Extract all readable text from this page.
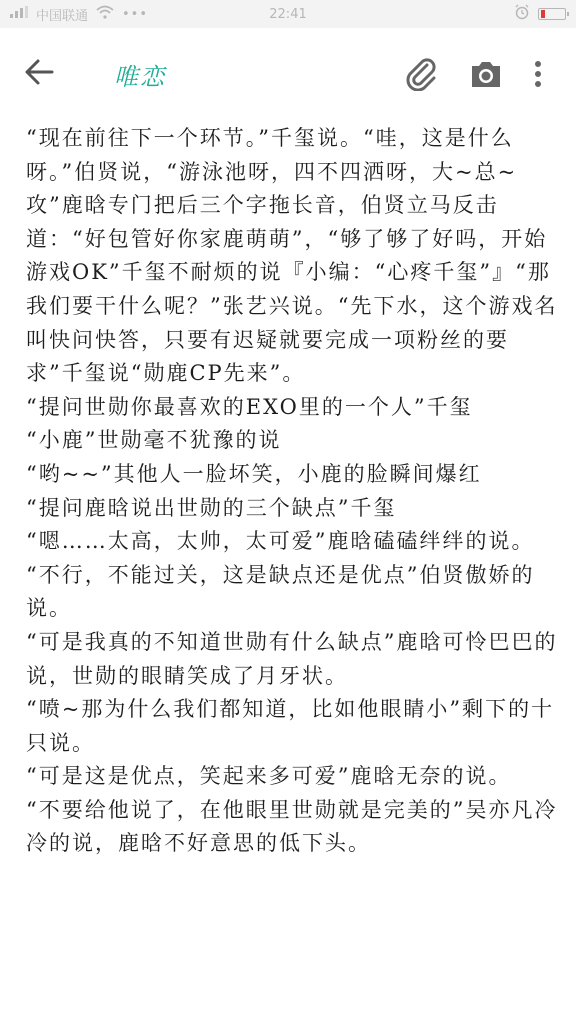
中国联通	•••	22:41
唯恋

“现在前往下一个环节。”千玺说。“哇，这是什么呀。”伯贤说，“游泳池呀，四不四洒呀，大~总~攻”鹿晗专门把后三个字拖长音，伯贤立马反击道：“好包管好你家鹿萌萌”，“够了够了好吗，开始游戏OK”千玺不耐烦的说『小编：“心疼千玺”』“那我们要干什么呢？”张艺兴说。“先下水，这个游戏名叫快问快答，只要有迟疑就要完成一项粉丝的要求”千玺说“勋鹿CP先来”。

“提问世勋你最喜欢的EXO里的一个人”千玺

“小鹿”世勋毫不犹豫的说

“哟~~”其他人一脸坏笑，小鹿的脸瞬间爆红

“提问鹿晗说出世勋的三个缺点”千玺

“嗯……太高，太帅，太可爱”鹿晗磕磕绊绊的说。

“不行，不能过关，这是缺点还是优点”伯贤傲娇的说。

“可是我真的不知道世勋有什么缺点”鹿晗可怜巴巴的说，世勋的眼睛笑成了月牙状。

“喷~那为什么我们都知道，比如他眼睛小”剩下的十只说。

“可是这是优点，笑起来多可爱”鹿晗无奈的说。

“不要给他说了，在他眼里世勋就是完美的”吴亦凡冷冷的说，鹿晗不好意思的低下头。
